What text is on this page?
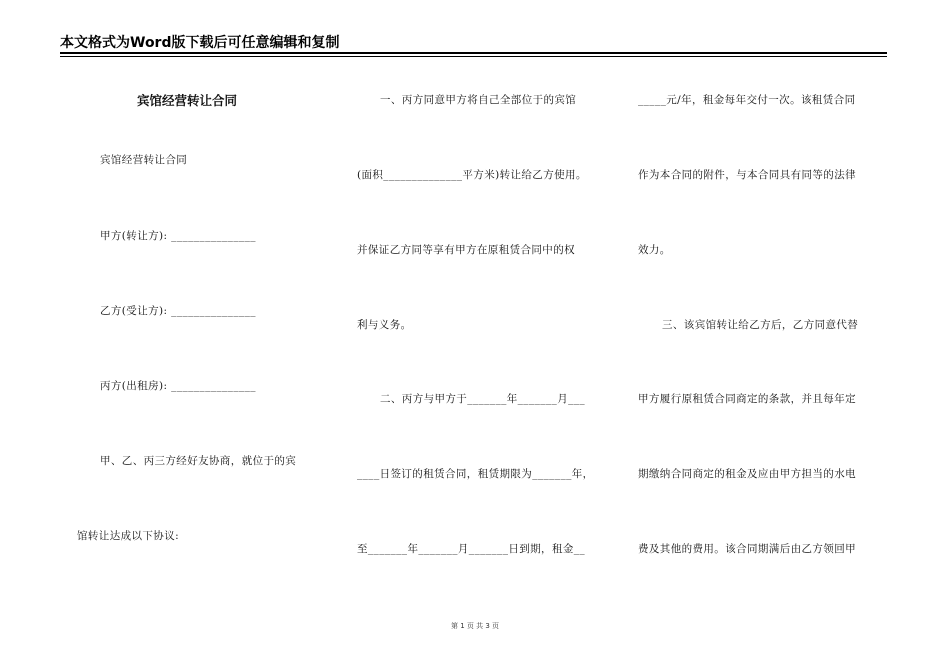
本文格式为Word版下载后可任意编辑和复制
宾馆经营转让合同
宾馆经营转让合同
甲方(转让方): _______________
乙方(受让方): _______________
丙方(出租房): _______________
甲、乙、丙三方经好友协商，就位于的宾
馆转让达成以下协议:
一、丙方同意甲方将自己全部位于的宾馆
(面积______________平方米)转让给乙方使用。
并保证乙方同等享有甲方在原租赁合同中的权
利与义务。
二、丙方与甲方于_______年_______月___
____日签订的租赁合同，租赁期限为_______年，
至_______年_______月_______日到期，租金__
_____元/年，租金每年交付一次。该租赁合同
作为本合同的附件，与本合同具有同等的法律
效力。
三、该宾馆转让给乙方后，乙方同意代替
甲方履行原租赁合同商定的条款，并且每年定
期缴纳合同商定的租金及应由甲方担当的水电
费及其他的费用。该合同期满后由乙方领回甲
第 1 页 共 3 页
